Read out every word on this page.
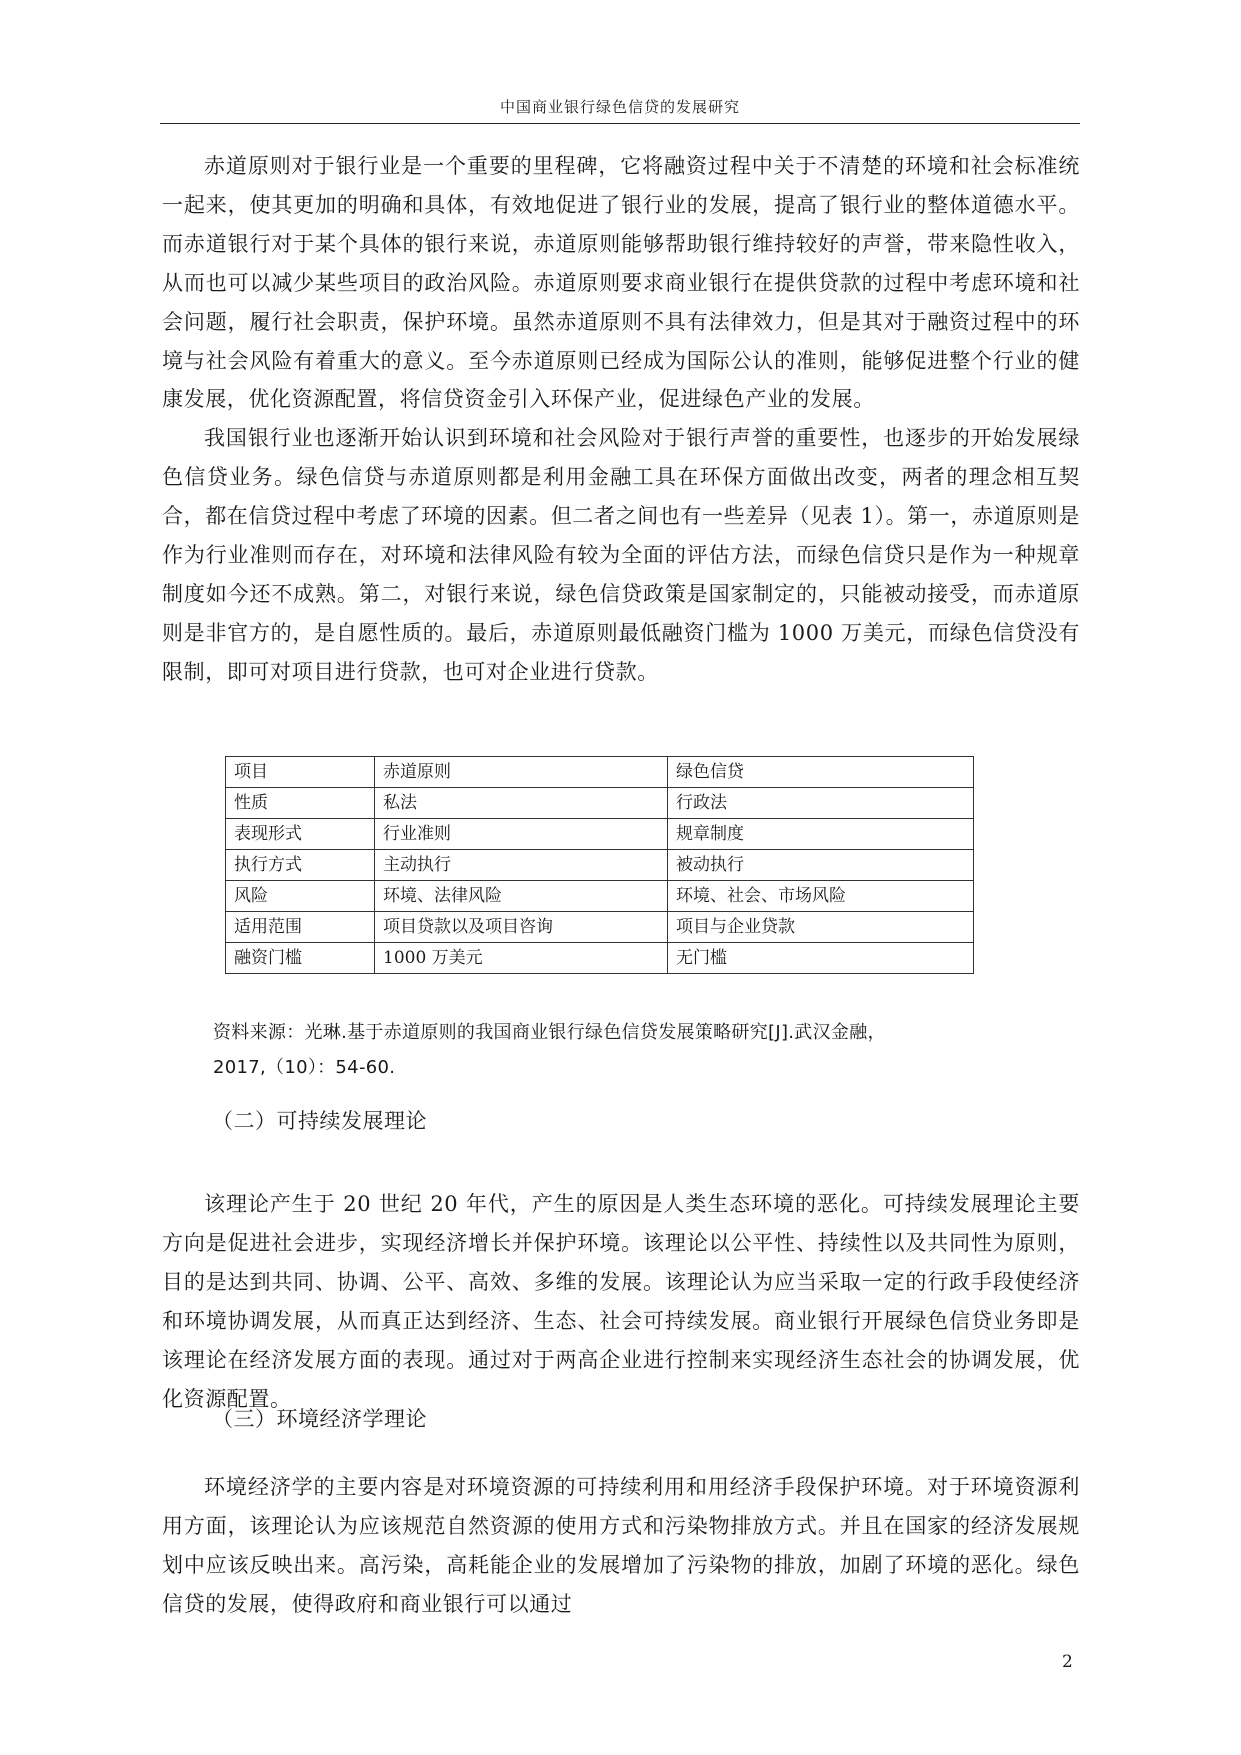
中国商业银行绿色信贷的发展研究

赤道原则对于银行业是一个重要的里程碑，它将融资过程中关于不清楚的环境和社会标准统一起来，使其更加的明确和具体，有效地促进了银行业的发展，提高了银行业的整体道德水平。而赤道银行对于某个具体的银行来说，赤道原则能够帮助银行维持较好的声誉，带来隐性收入，从而也可以减少某些项目的政治风险。赤道原则要求商业银行在提供贷款的过程中考虑环境和社会问题，履行社会职责，保护环境。虽然赤道原则不具有法律效力，但是其对于融资过程中的环境与社会风险有着重大的意义。至今赤道原则已经成为国际公认的准则，能够促进整个行业的健康发展，优化资源配置，将信贷资金引入环保产业，促进绿色产业的发展。

我国银行业也逐渐开始认识到环境和社会风险对于银行声誉的重要性，也逐步的开始发展绿色信贷业务。绿色信贷与赤道原则都是利用金融工具在环保方面做出改变，两者的理念相互契合，都在信贷过程中考虑了环境的因素。但二者之间也有一些差异（见表 1）。第一，赤道原则是作为行业准则而存在，对环境和法律风险有较为全面的评估方法，而绿色信贷只是作为一种规章制度如今还不成熟。第二，对银行来说，绿色信贷政策是国家制定的，只能被动接受，而赤道原则是非官方的，是自愿性质的。最后，赤道原则最低融资门槛为 1000 万美元，而绿色信贷没有限制，即可对项目进行贷款，也可对企业进行贷款。

项目	赤道原则	绿色信贷
性质	私法	行政法
表现形式	行业准则	规章制度
执行方式	主动执行	被动执行
风险	环境、法律风险	环境、社会、市场风险
适用范围	项目贷款以及项目咨询	项目与企业贷款
融资门槛	1000 万美元	无门槛
资料来源：光琳.基于赤道原则的我国商业银行绿色信贷发展策略研究[J].武汉金融，
2017,（10）：54-60.
（二）可持续发展理论

该理论产生于 20 世纪 20 年代，产生的原因是人类生态环境的恶化。可持续发展理论主要方向是促进社会进步，实现经济增长并保护环境。该理论以公平性、持续性以及共同性为原则，目的是达到共同、协调、公平、高效、多维的发展。该理论认为应当采取一定的行政手段使经济和环境协调发展，从而真正达到经济、生态、社会可持续发展。商业银行开展绿色信贷业务即是该理论在经济发展方面的表现。通过对于两高企业进行控制来实现经济生态社会的协调发展，优化资源配置。

（三）环境经济学理论

环境经济学的主要内容是对环境资源的可持续利用和用经济手段保护环境。对于环境资源利用方面，该理论认为应该规范自然资源的使用方式和污染物排放方式。并且在国家的经济发展规划中应该反映出来。高污染，高耗能企业的发展增加了污染物的排放，加剧了环境的恶化。绿色信贷的发展，使得政府和商业银行可以通过

2
